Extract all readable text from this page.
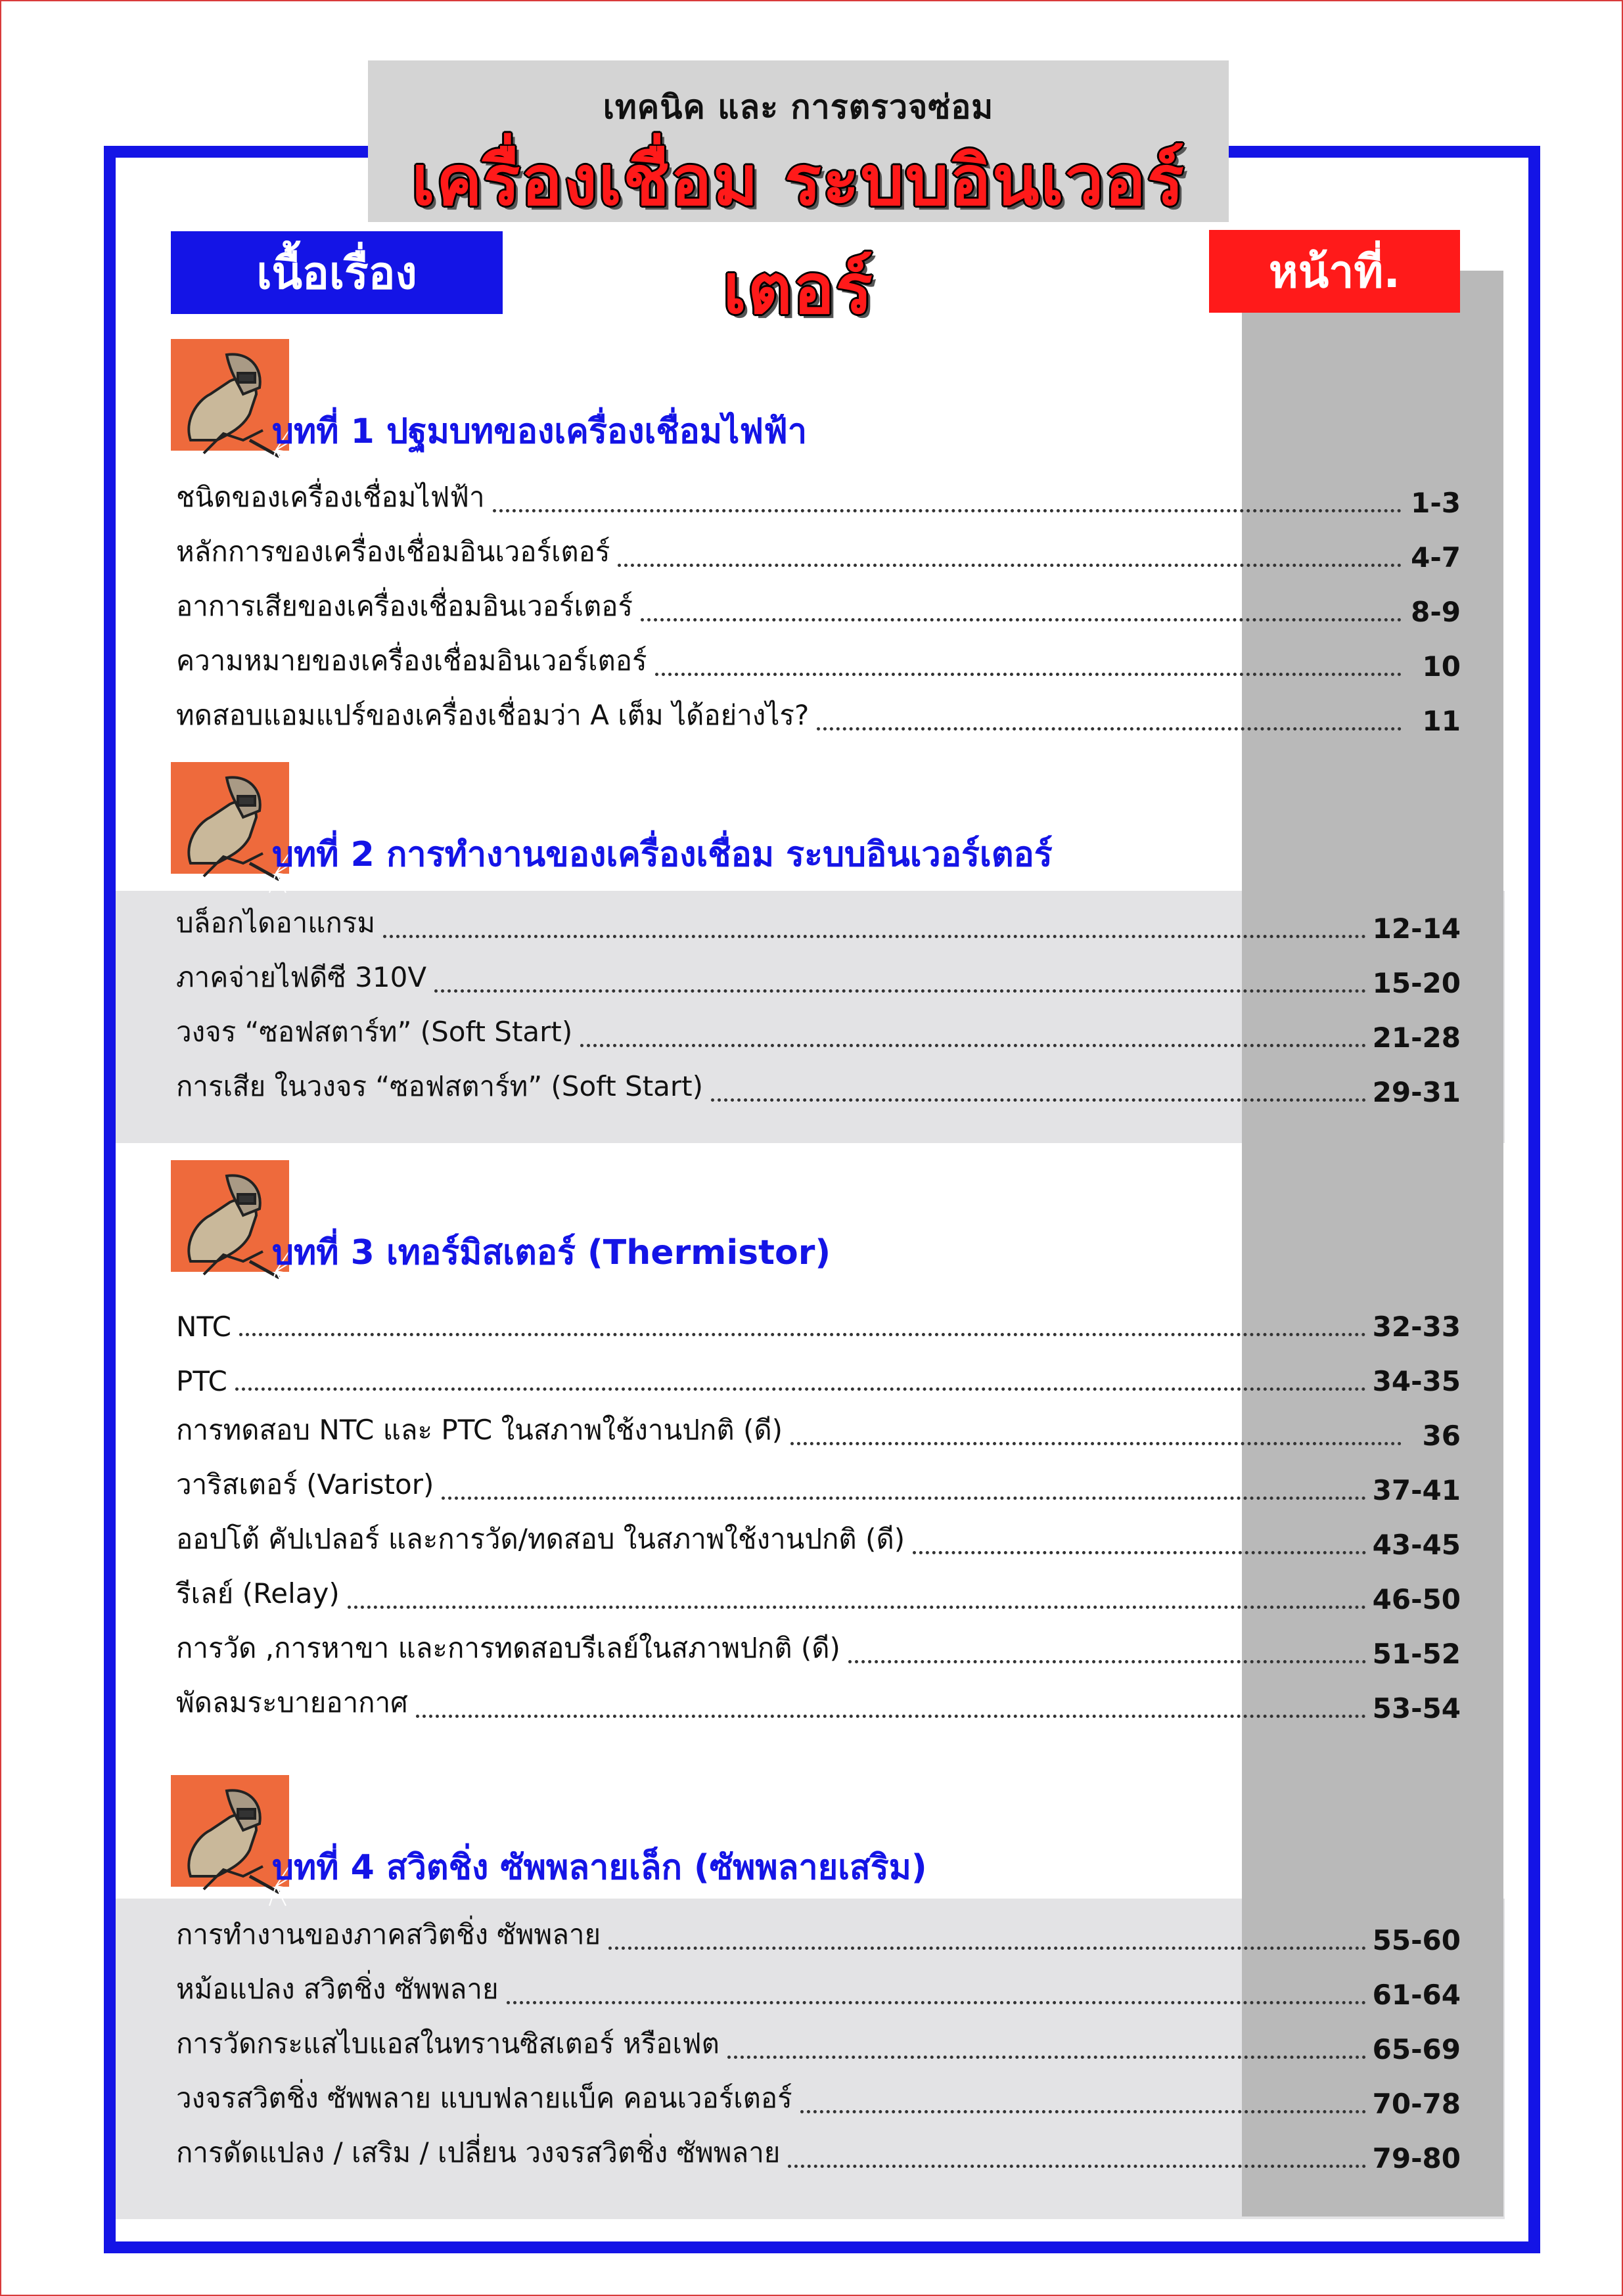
เทคนิค และ การตรวจซ่อม
เครื่องเชื่อม ระบบอินเวอร์เตอร์
เนื้อเรื่อง	หน้าที่.
บทที่ 1 ปฐมบทของเครื่องเชื่อมไฟฟ้า
ชนิดของเครื่องเชื่อมไฟฟ้า	1-3
หลักการของเครื่องเชื่อมอินเวอร์เตอร์	4-7
อาการเสียของเครื่องเชื่อมอินเวอร์เตอร์	8-9
ความหมายของเครื่องเชื่อมอินเวอร์เตอร์	10
ทดสอบแอมแปร์ของเครื่องเชื่อมว่า A เต็ม ได้อย่างไร?	11
บทที่ 2 การทำงานของเครื่องเชื่อม ระบบอินเวอร์เตอร์
บล็อกไดอาแกรม	12-14
ภาคจ่ายไฟดีซี 310V	15-20
วงจร “ซอฟสตาร์ท” (Soft Start)	21-28
การเสีย ในวงจร “ซอฟสตาร์ท” (Soft Start)	29-31
บทที่ 3 เทอร์มิสเตอร์ (Thermistor)
NTC	32-33
PTC	34-35
การทดสอบ NTC และ PTC ในสภาพใช้งานปกติ (ดี)	36
วาริสเตอร์ (Varistor)	37-41
ออปโต้ คัปเปลอร์ และการวัด/ทดสอบ ในสภาพใช้งานปกติ (ดี)	43-45
รีเลย์ (Relay)	46-50
การวัด ,การหาขา และการทดสอบรีเลย์ในสภาพปกติ (ดี)	51-52
พัดลมระบายอากาศ	53-54
บทที่ 4 สวิตชิ่ง ซัพพลายเล็ก (ซัพพลายเสริม)
การทำงานของภาคสวิตชิ่ง ซัพพลาย	55-60
หม้อแปลง สวิตชิ่ง ซัพพลาย	61-64
การวัดกระแสไบแอสในทรานซิสเตอร์ หรือเฟต	65-69
วงจรสวิตชิ่ง ซัพพลาย แบบฟลายแบ็ค คอนเวอร์เตอร์	70-78
การดัดแปลง / เสริม / เปลี่ยน วงจรสวิตชิ่ง ซัพพลาย	79-80
